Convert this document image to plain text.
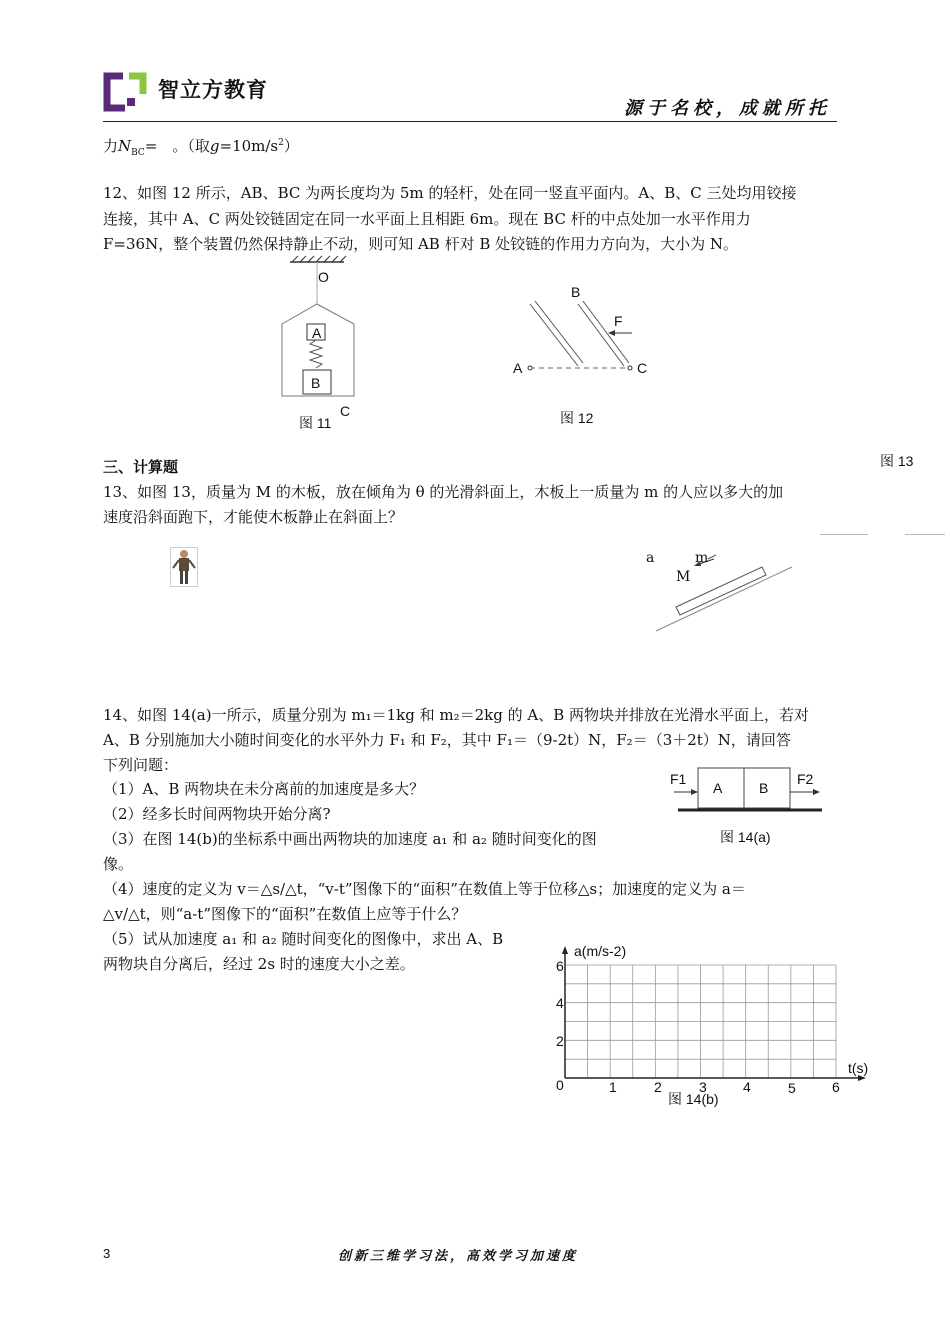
智立方教育
源于名校，成就所托
力$N_{BC}=$　。（取$g=10m/s^2$）
12、如图 12 所示，AB、BC 为两长度均为 5m 的轻杆，处在同一竖直平面内。A、B、C 三处均用铰接
连接，其中 A、C 两处铰链固定在同一水平面上且相距 6m。现在 BC 杆的中点处加一水平作用力
F=36N，整个装置仍然保持静止不动，则可知 AB 杆对 B 处铰链的作用力方向为，大小为 N。
O
A
B
C
图 11
B
F
A	C
图 12
图 13
三、计算题
13、如图 13，质量为 M 的木板，放在倾角为 θ 的光滑斜面上，木板上一质量为 m 的人应以多大的加
速度沿斜面跑下，才能使木板静止在斜面上？
a	m
M
14、如图 14(a)一所示，质量分别为 m₁＝1kg 和 m₂＝2kg 的 A、B 两物块并排放在光滑水平面上，若对
A、B 分别施加大小随时间变化的水平外力 F₁ 和 F₂，其中 F₁＝（9-2t）N，F₂＝（3＋2t）N，请回答
下列问题：
（1）A、B 两物块在未分离前的加速度是多大？
（2）经多长时间两物块开始分离?
（3）在图 14(b)的坐标系中画出两物块的加速度 a₁ 和 a₂ 随时间变化的图
像。
（4）速度的定义为 v＝△s/△t，“v-t”图像下的“面积”在数值上等于位移△s；加速度的定义为 a＝
△v/△t，则“a-t”图像下的“面积”在数值上应等于什么？
（5）试从加速度 a₁ 和 a₂ 随时间变化的图像中，求出 A、B
两物块自分离后，经过 2s 时的速度大小之差。
F1	F2
A	B
图 14(a)
a(m/s-2)
t(s)
6
4
2
0	1	2	3	4	5	6
图 14(b)
3	创新三维学习法，高效学习加速度
